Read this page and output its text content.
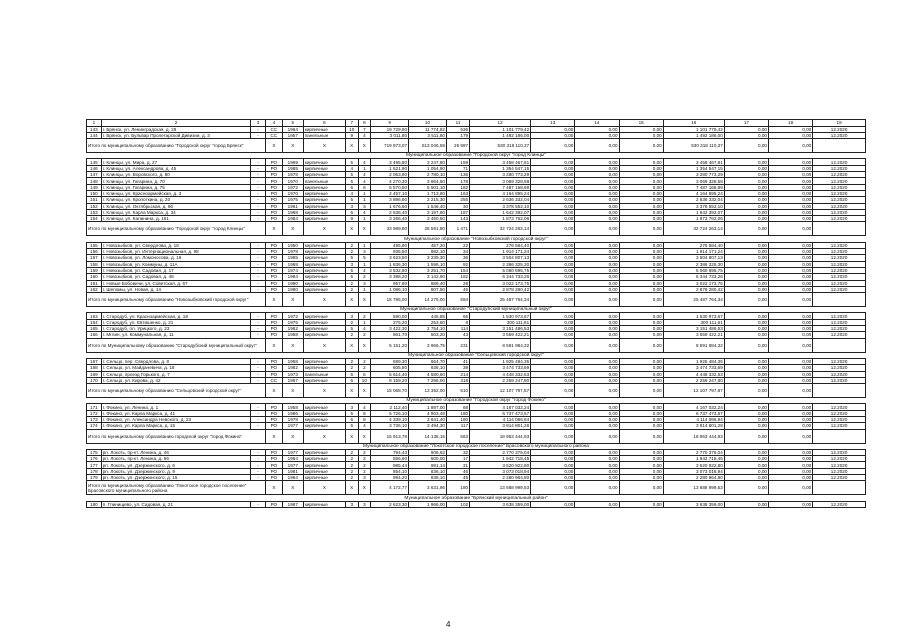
1	2	3	4	5	6	7	8	9	10	11	12	13	14	15	16	17	18	19
143	г. Брянск, ул. Ленинградская, д. 28	-	СС	1964	кирпичные	10	7	19 729,90	11 774,82	536	1 101 779,42	0,00	0,00	0,00	1 101 779,42	0,00	0,00	12.2020
144	г. Брянск, ул. Бульвар Пролетарской Дивизии, д. 3	-	СС	1957	панельные	9	4	3 011,80	3 511,80	179	1 492 186,00	0,00	0,00	0,00	1 492 186,00	0,00	0,00	12.2020
Итого по муниципальному образованию "Городской округ "город Брянск"			X	X	X	X	X	719 973,07	513 046,59	26 997	530 318 110,37	0,00	0,00	0,00	530 318 110,37	0,00	0,00	
Муниципальное образование "Городской округ "город Клинцы"																		
145	г. Клинцы, ул. Мира, д. 27	-	РО	1969	кирпичные	5	4	3 495,80	3 247,80	159	3 458 467,81	0,00	0,00	0,00	3 458 467,81	0,00	0,00	12.2020
146	г. Клинцы, ул. Александрова, д. 45	-	РО	1985	кирпичные	4	1	1 521,90	1 054,90	71	1 354 547,15	0,00	0,00	0,00	1 354 547,15	0,00	0,00	12.2020
147	г. Клинцы, ул. Воровского, д. 80	-	РО	1978	кирпичные	5	4	2 053,90	2 780,10	136	3 280 773,29	0,00	0,00	0,00	3 280 773,29	0,00	0,00	12.2020
148	г. Клинцы, ул. Гагарина, д. 70	-	РО	1970	панельные	5	4	4 270,30	3 864,50	178	3 069 328,58	0,00	0,00	0,00	3 069 328,58	0,00	0,00	12.2020
149	г. Клинцы, ул. Гагарина, д. 75	-	РО	1972	кирпичные	5	6	5 570,50	5 501,10	182	7 487 168,89	0,00	0,00	0,00	7 487 168,89	0,00	0,00	12.2020
150	г. Клинцы, ул. Красноармейская, д. 3	-	РО	1970	кирпичные	4	1	2 457,10	1 713,60	163	4 164 895,24	0,00	0,00	0,00	4 164 895,24	0,00	0,00	12.2020
151	г. Клинцы, ул. Кропоткина, д. 20	-	РО	1975	кирпичные	5	1	3 896,60	2 215,30	255	2 636 332,04	0,00	0,00	0,00	2 636 332,04	0,00	0,00	12.2020
152	г. Клинцы, ул. Октябрьская, д. 96	-	РО	1961	кирпичные	3	3	1 676,60	1 548,40	30	3 378 552,10	0,00	0,00	0,00	3 378 552,10	0,00	0,00	12.2020
153	г. Клинцы, ул. Карла Маркса, д. 34	-	РО	1968	кирпичные	5	4	2 636,40	3 197,60	187	1 642 392,07	0,00	0,00	0,00	1 642 392,07	0,00	0,00	12.2020
154	г. Клинцы, ул. Калинина, д. 151	-	РО	1984	кирпичные	9	1	3 266,40	3 460,50	143	1 873 762,06	0,00	0,00	0,00	1 873 762,06	0,00	0,00	12.2020
Итого по муниципальному образованию "Городской округ "город Клинцы"			X	X	X	X	X	33 989,80	28 561,80	1 471	32 724 263,14	0,00	0,00	0,00	32 724 263,14	0,00	0,00	
Муниципальное образование "Новозыбковский городской округ"																		
155	г. Новозыбков, ул. Свердлова, д. 18	-	РО	1950	кирпичные	2	1	495,80	457,20	22	276 584,40	0,00	0,00	0,00	276 584,40	0,00	0,00	12.2020
156	г. Новозыбков, ул. Интернациональная, д. 98	-	РО	1978	кирпичные	2	3	935,50	882,10	34	1 914 171,24	0,00	0,00	0,00	1 914 171,24	0,00	0,00	12.2020
157	г. Новозыбков, ул. Ломоносова, д. 16	-	РО	1985	кирпичные	5	5	3 623,50	3 239,30	36	3 504 807,13	0,00	0,00	0,00	3 504 807,13	0,00	0,00	12.2020
158	г. Новозыбков, ул. Коммуны, д. 11А	-	РО	1968	кирпичные	3	1	1 836,30	1 596,10	92	2 386 325,30	0,00	0,00	0,00	2 386 325,30	0,00	0,00	12.2020
159	г. Новозыбков, ул. Садовая, д. 17	-	РО	1974	кирпичные	5	4	3 532,80	3 251,70	154	5 060 695,75	0,00	0,00	0,00	5 060 695,75	0,00	0,00	12.2020
160	г. Новозыбков, ул. Садовая, д. 48	-	РО	1984	кирпичные	5	2	3 398,20	3 142,90	182	6 344 733,26	0,00	0,00	0,00	6 344 733,26	0,00	0,00	12.2020
161	г. Новые Бобовичи, ул. Советская, д. 67	-	РО	1990	кирпичные	2	3	957,80	889,40	28	3 022 173,75	0,00	0,00	0,00	3 022 173,75	0,00	0,00	12.2020
162	г. Шеломы, ул. Новая, д. 14	-	РО	1980	кирпичные	2	1	1 086,10	807,50	46	2 878 280,42	0,00	0,00	0,00	2 878 280,42	0,00	0,00	12.2020
Итого по муниципальному образованию "Новозыбковский городской округ"			X	X	X	X	X	15 786,00	14 276,00	594	25 487 764,34	0,00	0,00	0,00	25 487 764,34	0,00	0,00	
Муниципальное образование "Стародубский муниципальный округ"																		
163	г. Стародуб, ул. Красноармейская, д. 18	-	РО	1972	кирпичные	3	2	590,00	445,85	66	1 530 973,67	0,00	0,00	0,00	1 530 973,67	0,00	0,00	12.2020
164	г. Стародуб, ул. Евтишенко, д. 21	-	РО	1975	кирпичные	2	1	275,20	253,60	8	300 111,61	0,00	0,00	0,00	300 111,61	0,00	0,00	12.2020
165	г. Стародуб, пл. Урицкого, д. 23	-	РО	1962	кирпичные	5	4	3 422,30	2 754,10	114	3 151 486,53	0,00	0,00	0,00	3 151 486,53	0,00	0,00	12.2020
166	г. Мглин, ул. Коммунальная, д. 11	-	РО	1958	кирпичные	2	2	861,70	503,20	43	3 559 422,21	0,00	0,00	0,00	3 559 422,21	0,00	0,00	12.2020
Итого по Муниципальному образованию "Стародубский муниципальный округ"			X	X	X	X	X	5 151,20	3 966,75	231	8 591 984,32	0,00	0,00	0,00	8 591 984,32	0,00	0,00	
Муниципальное образование "Сельцовский городской округ"																		
167	г. Сельцо, пер. Свердлова, д. 8	-	РО	1958	кирпичные	2	2	689,30	664,70	41	1 925 484,35	0,00	0,00	0,00	1 925 484,35	0,00	0,00	12.2020
168	г. Сельцо, ул. Майданевича, д. 18	-	РО	1982	кирпичные	2	2	605,80	836,10	39	3 474 733,69	0,00	0,00	0,00	3 474 733,69	0,00	0,00	12.2020
169	г. Сельцо, проезд Горького, д. 7	-	РО	1973	панельные	5	6	5 614,40	4 580,60	214	4 448 332,53	0,00	0,00	0,00	4 448 332,53	0,00	0,00	12.2020
170	г. Сельцо, ул. Кирова, д. 42	-	СС	1957	кирпичные	5	10	8 159,20	7 296,00	318	2 259 247,80	0,00	0,00	0,00	2 259 247,80	0,00	0,00	12.2020
Итого по муниципальному образованию "Сельцовский городской округ"			X	X	X	X	X	15 068,70	13 352,00	610	12 107 797,87	0,00	0,00	0,00	12 107 797,87	0,00	0,00	
Муниципальное образование "Городской округ "город Фокино"																		
171	г. Фокино, ул. Ленина, д. 1	-	РО	1958	кирпичные	3	4	2 112,40	1 897,00	68	4 167 032,24	0,00	0,00	0,00	4 167 032,24	0,00	0,00	12.2020
172	г. Фокино, ул. Карла Маркса, д. 41	-	РО	1986	кирпичные	5	8	5 726,10	4 903,48	180	6 737 473,57	0,00	0,00	0,00	6 737 473,57	0,00	0,00	12.2020
173	г. Фокино, ул. Александра Невского, д. 23	-	РО	1978	кирпичные	5	8	4 339,10	3 841,40	180	4 114 086,84	0,00	0,00	0,00	4 114 086,84	0,00	0,00	12.2020
174	г. Фокино, ул. Карла Маркса, д. 16	-	РО	1977	кирпичные	5	4	3 736,10	3 494,30	117	3 914 801,28	0,00	0,00	0,00	3 914 801,28	0,00	0,00	12.2020
Итого по муниципальному образованию городской округ "город Фокино"			X	X	X	X	X	15 913,78	14 136,15	563	18 953 444,93	0,00	0,00	0,00	18 953 444,93	0,00	0,00	
Муниципальное образование "Локотское городское поселение" Брасовского муниципального района																		
175	рп. Локоть, пр-кт. Ленина, д. 46	-	РО	1977	кирпичные	2	2	794,43	606,62	32	2 770 375,04	0,00	0,00	0,00	2 770 375,04	0,00	0,00	12.2020
176	рп. Локоть, пр-кт. Ленина, д. 66	-	РО	1964	кирпичные	2	2	556,60	500,00	17	1 942 718,45	0,00	0,00	0,00	1 942 718,45	0,00	0,00	12.2020
177	рп. Локоть, ул. Дзержинского, д. 6	-	РО	1977	кирпичные	2	2	985,44	991,14	31	3 520 922,80	0,00	0,00	0,00	3 520 922,80	0,00	0,00	12.2020
178	рп. Локоть, ул. Дзержинского, д. 9	-	РО	1981	кирпичные	2	2	854,10	836,10	46	3 073 018,94	0,00	0,00	0,00	3 073 018,94	0,00	0,00	12.2020
179	рп. Локоть, ул. Дзержинского, д. 15	-	РО	1964	кирпичные	2	3	994,20	838,10	45	2 280 964,80	0,00	0,00	0,00	2 280 964,80	0,00	0,00	12.2020
Итого по муниципальному образованию "Локотское городское поселение" Брасовского муниципального района			X	X	X	X	X	4 172,77	3 631,96	180	13 688 999,53	0,00	0,00	0,00	13 688 999,53	0,00	0,00	
Муниципальное образование "Брянский муниципальный район"																		
180	п. Глинищево, ул. Садовая, д. 21	-	РО	1987	кирпичные	3	3	2 623,30	1 966,00	102	3 638 359,00	0,00	0,00	0,00	3 638 359,00	0,00	0,00	12.2020
4
